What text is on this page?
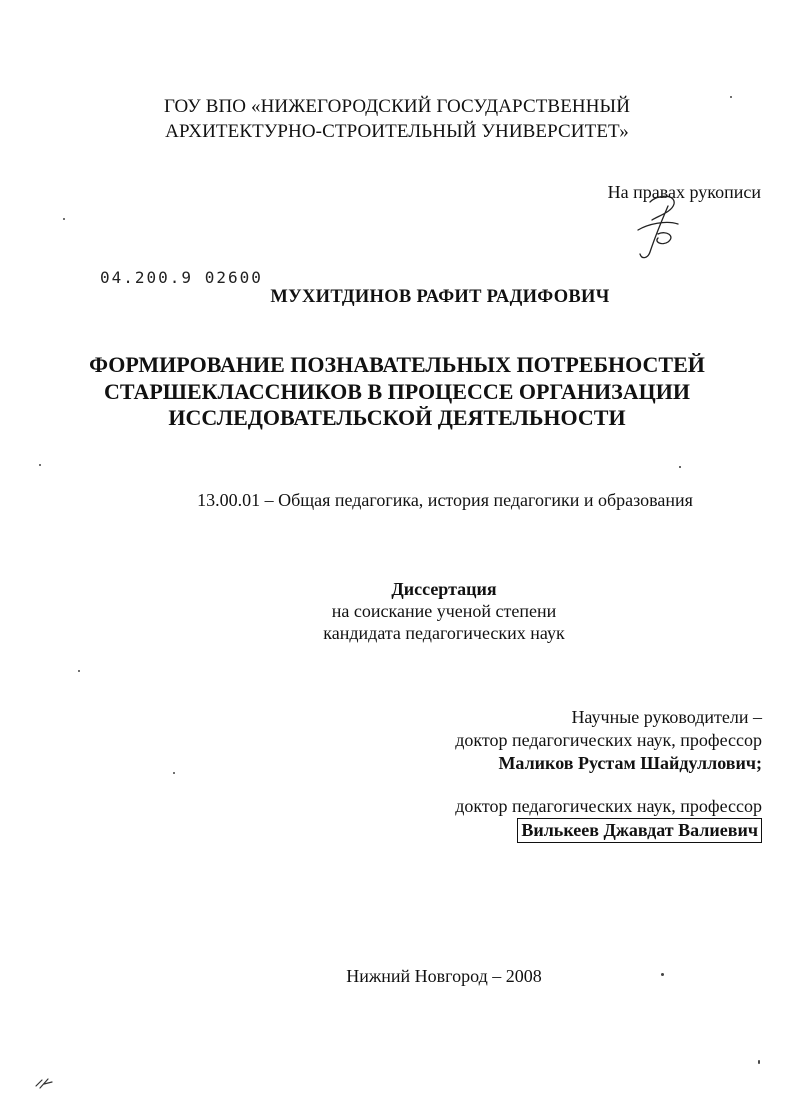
ГОУ ВПО «НИЖЕГОРОДСКИЙ ГОСУДАРСТВЕННЫЙ
АРХИТЕКТУРНО-СТРОИТЕЛЬНЫЙ УНИВЕРСИТЕТ»
На правах рукописи
04.200.9 02600
МУХИТДИНОВ РАФИТ РАДИФОВИЧ
ФОРМИРОВАНИЕ ПОЗНАВАТЕЛЬНЫХ ПОТРЕБНОСТЕЙ
СТАРШЕКЛАССНИКОВ В ПРОЦЕССЕ ОРГАНИЗАЦИИ
ИССЛЕДОВАТЕЛЬСКОЙ ДЕЯТЕЛЬНОСТИ
13.00.01 – Общая педагогика, история педагогики и образования
Диссертация
на соискание ученой степени
кандидата педагогических наук
Научные руководители –
доктор педагогических наук, профессор
Маликов Рустам Шайдуллович;
доктор педагогических наук, профессор
Вилькеев Джавдат Валиевич
Нижний Новгород – 2008
